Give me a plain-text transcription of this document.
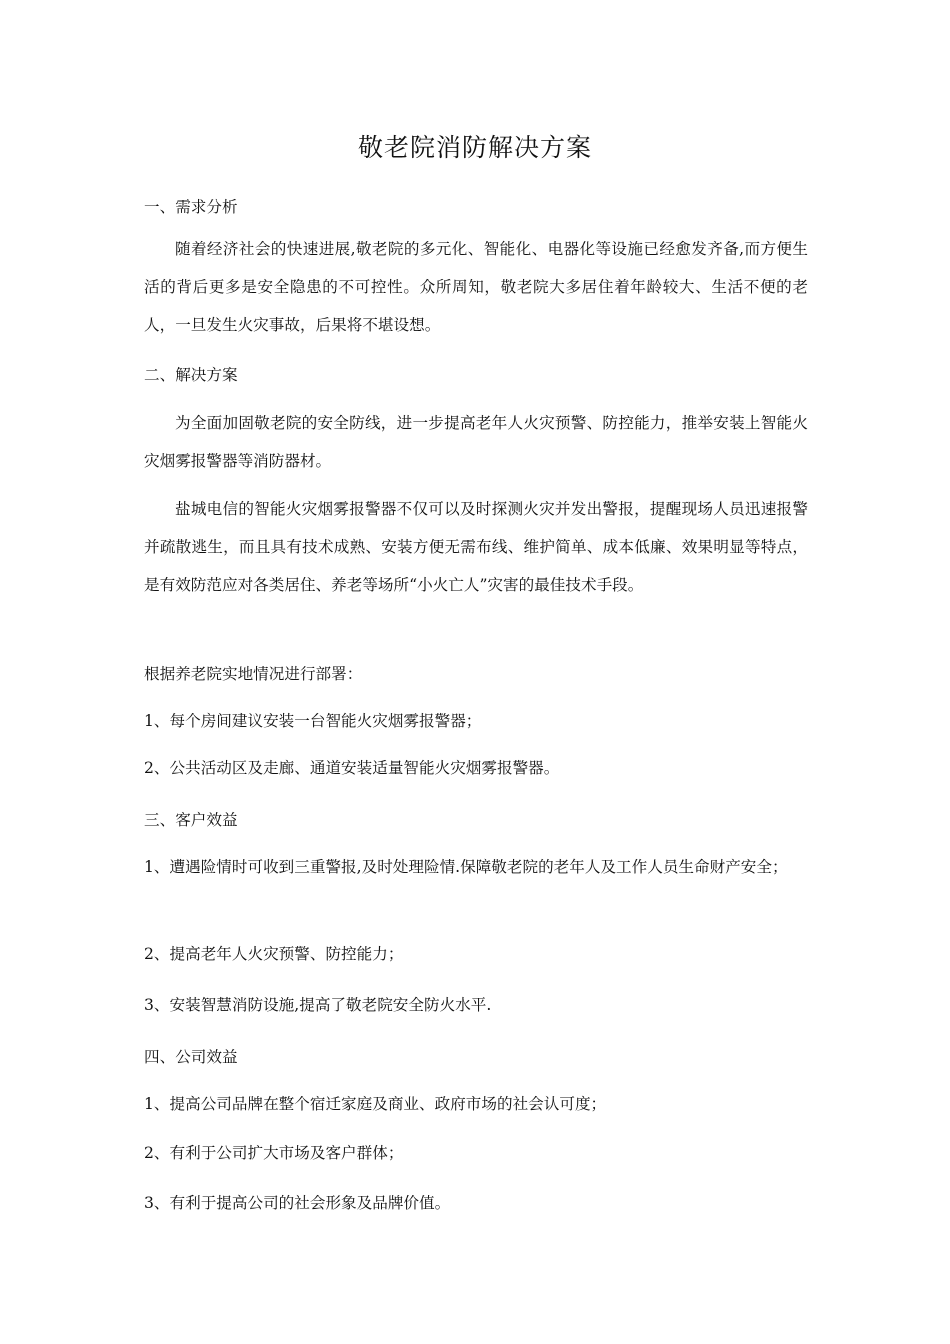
敬老院消防解决方案

一、需求分析

随着经济社会的快速进展,敬老院的多元化、智能化、电器化等设施已经愈发齐备,而方便生活的背后更多是安全隐患的不可控性。众所周知，敬老院大多居住着年龄较大、生活不便的老人，一旦发生火灾事故，后果将不堪设想。

二、解决方案

为全面加固敬老院的安全防线，进一步提高老年人火灾预警、防控能力，推举安装上智能火灾烟雾报警器等消防器材。

盐城电信的智能火灾烟雾报警器不仅可以及时探测火灾并发出警报，提醒现场人员迅速报警并疏散逃生，而且具有技术成熟、安装方便无需布线、维护简单、成本低廉、效果明显等特点，是有效防范应对各类居住、养老等场所“小火亡人”灾害的最佳技术手段。

根据养老院实地情况进行部署：

1、每个房间建议安装一台智能火灾烟雾报警器；

2、公共活动区及走廊、通道安装适量智能火灾烟雾报警器。

三、客户效益

1、遭遇险情时可收到三重警报,及时处理险情.保障敬老院的老年人及工作人员生命财产安全；

2、提高老年人火灾预警、防控能力；

3、安装智慧消防设施,提高了敬老院安全防火水平.

四、公司效益

1、提高公司品牌在整个宿迁家庭及商业、政府市场的社会认可度；

2、有利于公司扩大市场及客户群体；

3、有利于提高公司的社会形象及品牌价值。
